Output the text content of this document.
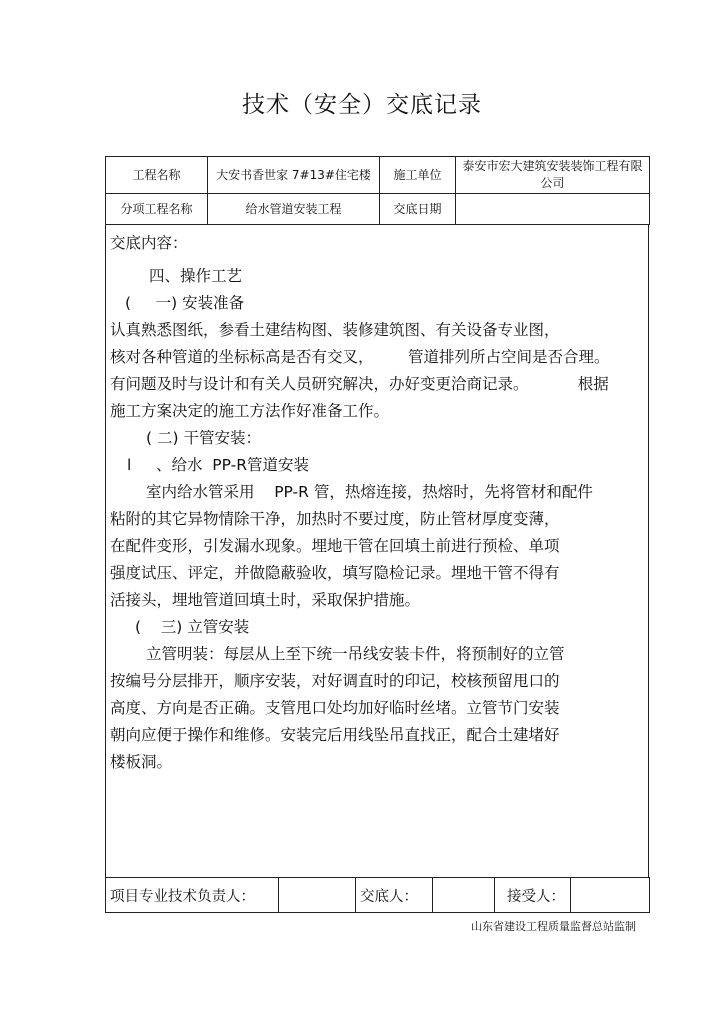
技术（安全）交底记录
工程名称	大安书香世家 7#13#住宅楼	施工单位	泰安市宏大建筑安装装饰工程有限公司
分项工程名称	给水管道安装工程	交底日期	
交底内容：
四、操作工艺
(     一) 安装准备
认真熟悉图纸，参看土建结构图、装修建筑图、有关设备专业图，
核对各种管道的坐标标高是否有交叉，       管道排列所占空间是否合理。
有问题及时与设计和有关人员研究解决，办好变更洽商记录。          根据
施工方案决定的施工方法作好准备工作。
( 二) 干管安装：
l     、给水  PP-R管道安装
室内给水管采用    PP-R 管，热熔连接，热熔时，先将管材和配件
粘附的其它异物情除干净，加热时不要过度，防止管材厚度变薄，
在配件变形，引发漏水现象。埋地干管在回填土前进行预检、单项
强度试压、评定，并做隐蔽验收，填写隐检记录。埋地干管不得有
活接头，埋地管道回填土时，采取保护措施。
(    三) 立管安装
立管明装：每层从上至下统一吊线安装卡件，将预制好的立管
按编号分层排开，顺序安装，对好调直时的印记，校核预留甩口的
高度、方向是否正确。支管甩口处均加好临时丝堵。立管节门安装
朝向应便于操作和维修。安装完后用线坠吊直找正，配合土建堵好
楼板洞。
项目专业技术负责人：		交底人：		接受人：	
山东省建设工程质量监督总站监制
